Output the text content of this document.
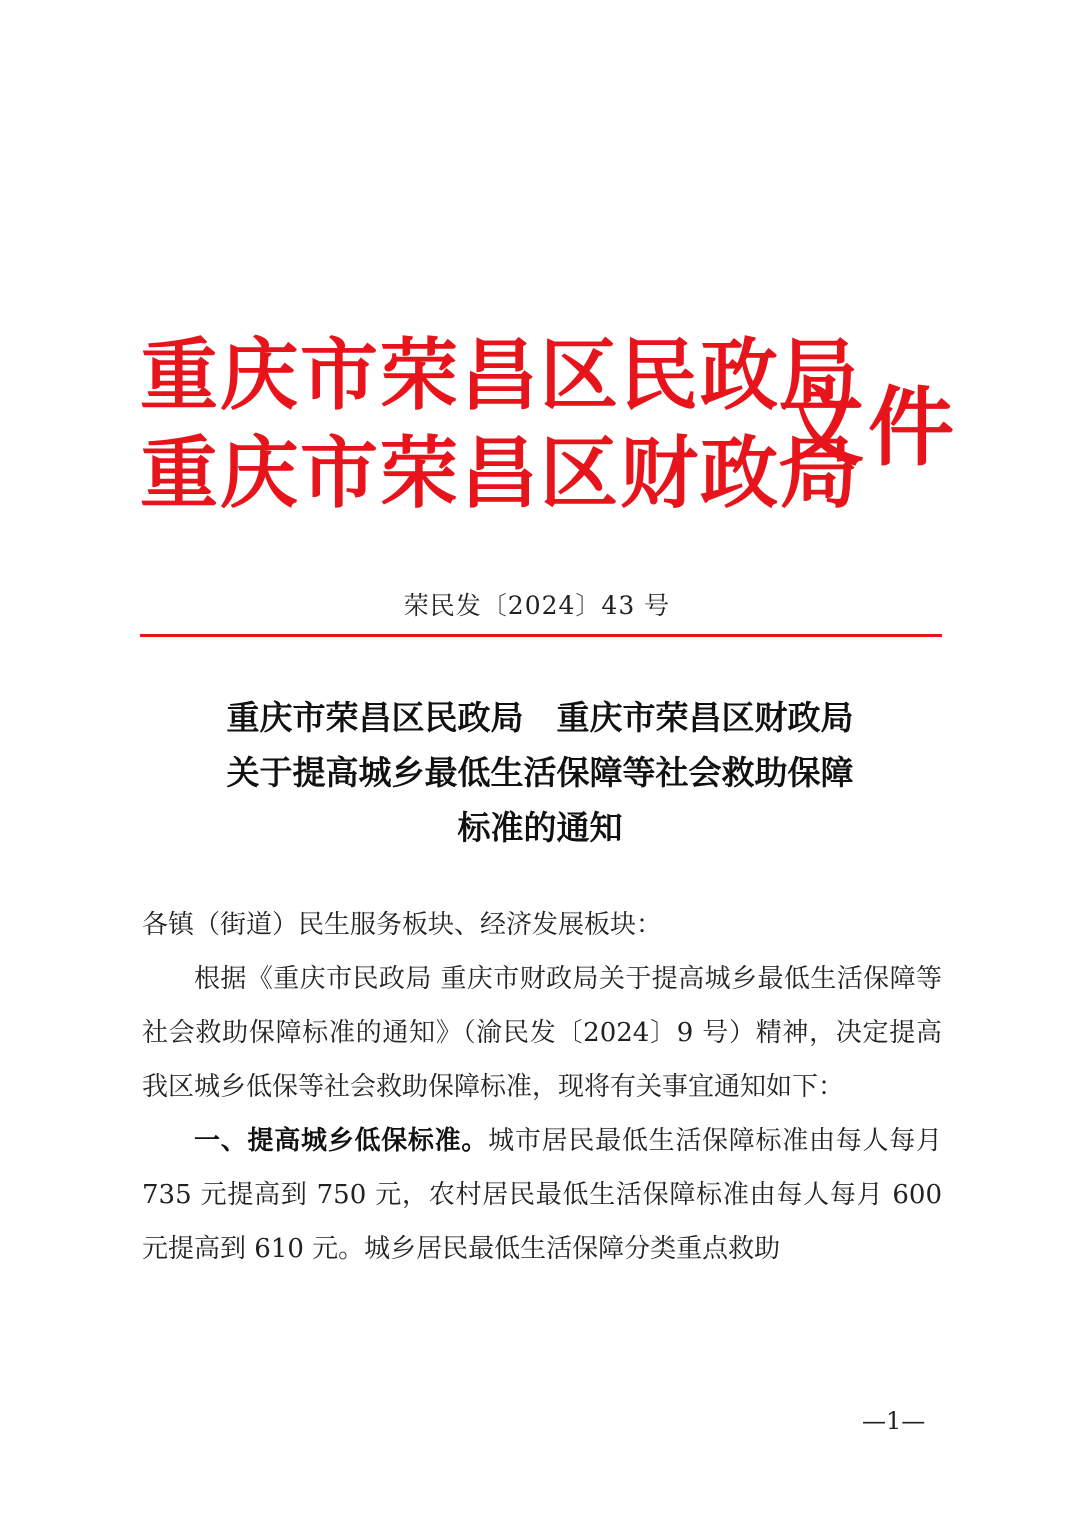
重庆市荣昌区民政局
重庆市荣昌区财政局
文件
荣民发〔2024〕43 号
重庆市荣昌区民政局　重庆市荣昌区财政局
关于提高城乡最低生活保障等社会救助保障
标准的通知

各镇（街道）民生服务板块、经济发展板块：

根据《重庆市民政局 重庆市财政局关于提高城乡最低生活保障等社会救助保障标准的通知》（渝民发〔2024〕9 号）精神，决定提高我区城乡低保等社会救助保障标准，现将有关事宜通知如下：

一、提高城乡低保标准。城市居民最低生活保障标准由每人每月 735 元提高到 750 元，农村居民最低生活保障标准由每人每月 600 元提高到 610 元。城乡居民最低生活保障分类重点救助

—1—
